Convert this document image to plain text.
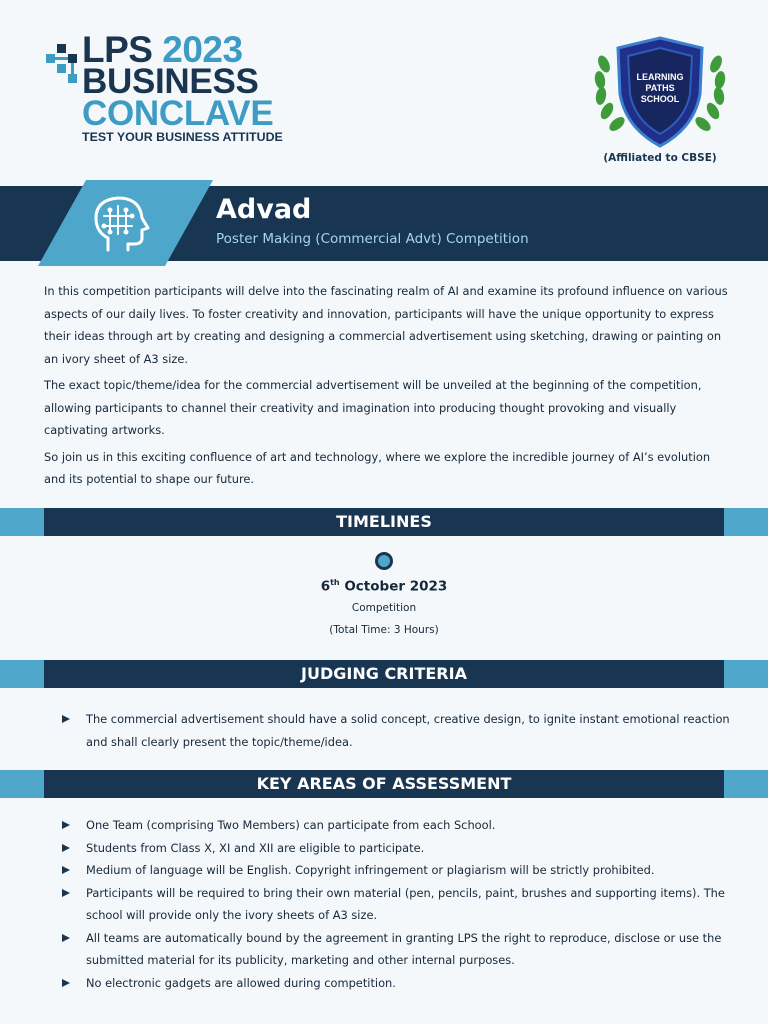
LPS 2023
BUSINESS
CONCLAVE
TEST YOUR BUSINESS ATTITUDE
LEARNING
PATHS
SCHOOL
(Affiliated to CBSE)
Advad
Poster Making (Commercial Advt) Competition

In this competition participants will delve into the fascinating realm of AI and examine its profound influence on various aspects of our daily lives. To foster creativity and innovation, participants will have the unique opportunity to express their ideas through art by creating and designing a commercial advertisement using sketching, drawing or painting on an ivory sheet of A3 size.

The exact topic/theme/idea for the commercial advertisement will be unveiled at the beginning of the competition, allowing participants to channel their creativity and imagination into producing thought provoking and visually captivating artworks.

So join us in this exciting confluence of art and technology, where we explore the incredible journey of AI’s evolution and its potential to shape our future.

TIMELINES
6th October 2023
Competition
(Total Time: 3 Hours)
JUDGING CRITERIA
The commercial advertisement should have a solid concept, creative design, to ignite instant emotional reaction and shall clearly present the topic/theme/idea.
KEY AREAS OF ASSESSMENT
One Team (comprising Two Members) can participate from each School.
Students from Class X, XI and XII are eligible to participate.
Medium of language will be English. Copyright infringement or plagiarism will be strictly prohibited.
Participants will be required to bring their own material (pen, pencils, paint, brushes and supporting items). The school will provide only the ivory sheets of A3 size.
All teams are automatically bound by the agreement in granting LPS the right to reproduce, disclose or use the submitted material for its publicity, marketing and other internal purposes.
No electronic gadgets are allowed during competition.
